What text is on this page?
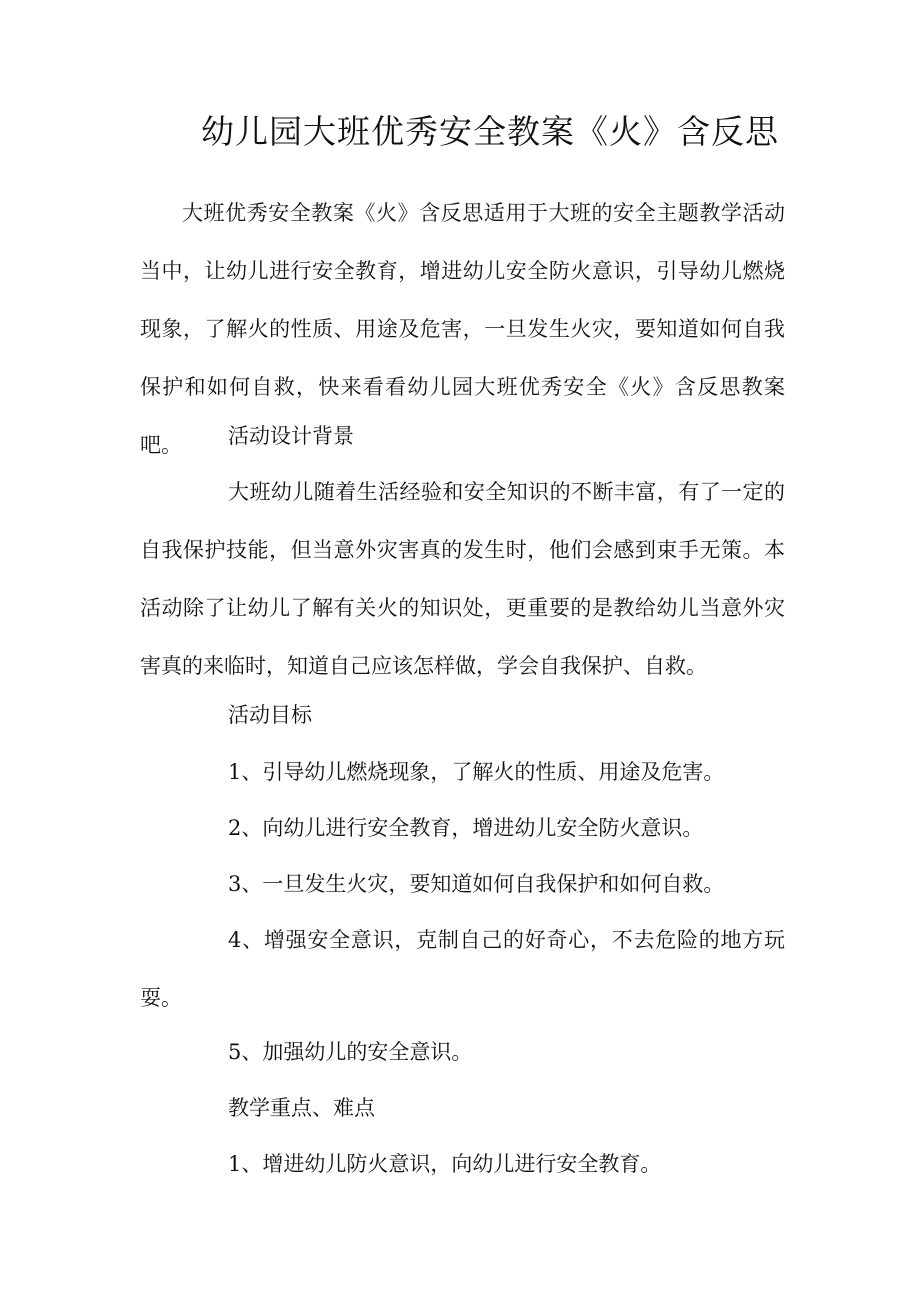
幼儿园大班优秀安全教案《火》含反思
大班优秀安全教案《火》含反思适用于大班的安全主题教学活动当中，让幼儿进行安全教育，增进幼儿安全防火意识，引导幼儿燃烧现象，了解火的性质、用途及危害，一旦发生火灾，要知道如何自我保护和如何自救，快来看看幼儿园大班优秀安全《火》含反思教案吧。	活动设计背景
大班幼儿随着生活经验和安全知识的不断丰富，有了一定的自我保护技能，但当意外灾害真的发生时，他们会感到束手无策。本活动除了让幼儿了解有关火的知识处，更重要的是教给幼儿当意外灾害真的来临时，知道自己应该怎样做，学会自我保护、自救。
活动目标
1、引导幼儿燃烧现象，了解火的性质、用途及危害。
2、向幼儿进行安全教育，增进幼儿安全防火意识。
3、一旦发生火灾，要知道如何自我保护和如何自救。
4、增强安全意识，克制自己的好奇心，不去危险的地方玩耍。
5、加强幼儿的安全意识。
教学重点、难点
1、增进幼儿防火意识，向幼儿进行安全教育。
